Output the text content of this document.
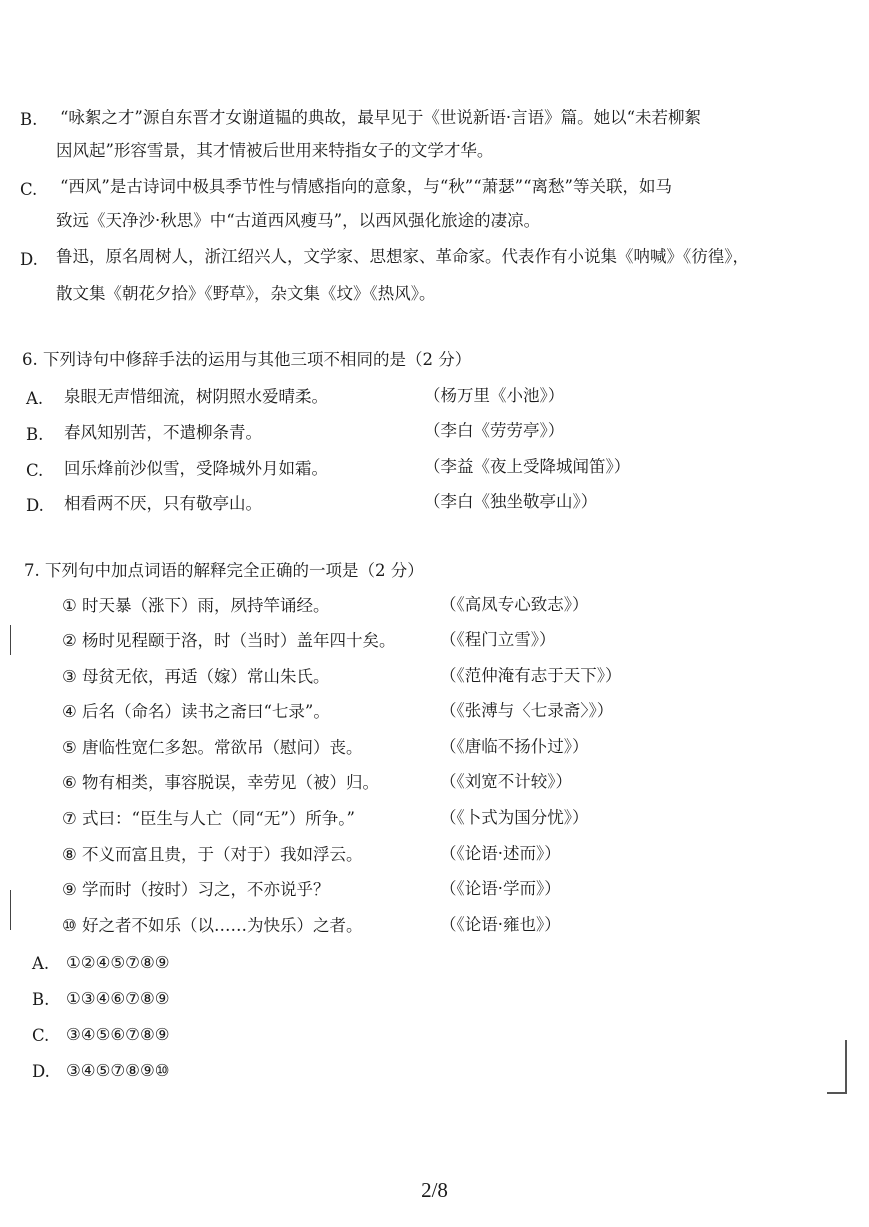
B. “咏絮之才”源自东晋才女谢道韫的典故，最早见于《世说新语·言语》篇。她以“未若柳絮
因风起”形容雪景，其才情被后世用来特指女子的文学才华。
C. “西风”是古诗词中极具季节性与情感指向的意象，与“秋”“萧瑟”“离愁”等关联，如马
致远《天净沙·秋思》中“古道西风瘦马”，以西风强化旅途的凄凉。
D. 鲁迅，原名周树人，浙江绍兴人，文学家、思想家、革命家。代表作有小说集《呐喊》《彷徨》，
散文集《朝花夕拾》《野草》，杂文集《坟》《热风》。
6. 下列诗句中修辞手法的运用与其他三项不相同的是（2 分）
A. 泉眼无声惜细流，树阴照水爱晴柔。	（杨万里《小池》）
B. 春风知别苦，不遣柳条青。	（李白《劳劳亭》）
C. 回乐烽前沙似雪，受降城外月如霜。	（李益《夜上受降城闻笛》）
D. 相看两不厌，只有敬亭山。	（李白《独坐敬亭山》）
7. 下列句中加点词语的解释完全正确的一项是（2 分）
① 时天暴（涨下）雨，夙持竿诵经。	（《高凤专心致志》）
② 杨时见程颐于洛，时（当时）盖年四十矣。	（《程门立雪》）
③ 母贫无依，再适（嫁）常山朱氏。	（《范仲淹有志于天下》）
④ 后名（命名）读书之斋曰“七录”。	（《张溥与〈七录斋〉》）
⑤ 唐临性宽仁多恕。常欲吊（慰问）丧。	（《唐临不扬仆过》）
⑥ 物有相类，事容脱误，幸劳见（被）归。	（《刘宽不计较》）
⑦ 式曰：“臣生与人亡（同“无”）所争。”	（《卜式为国分忧》）
⑧ 不义而富且贵，于（对于）我如浮云。	（《论语·述而》）
⑨ 学而时（按时）习之，不亦说乎？	（《论语·学而》）
⑩ 好之者不如乐（以……为快乐）之者。	（《论语·雍也》）
A. ①②④⑤⑦⑧⑨
B. ①③④⑥⑦⑧⑨
C. ③④⑤⑥⑦⑧⑨
D. ③④⑤⑦⑧⑨⑩
2/8
